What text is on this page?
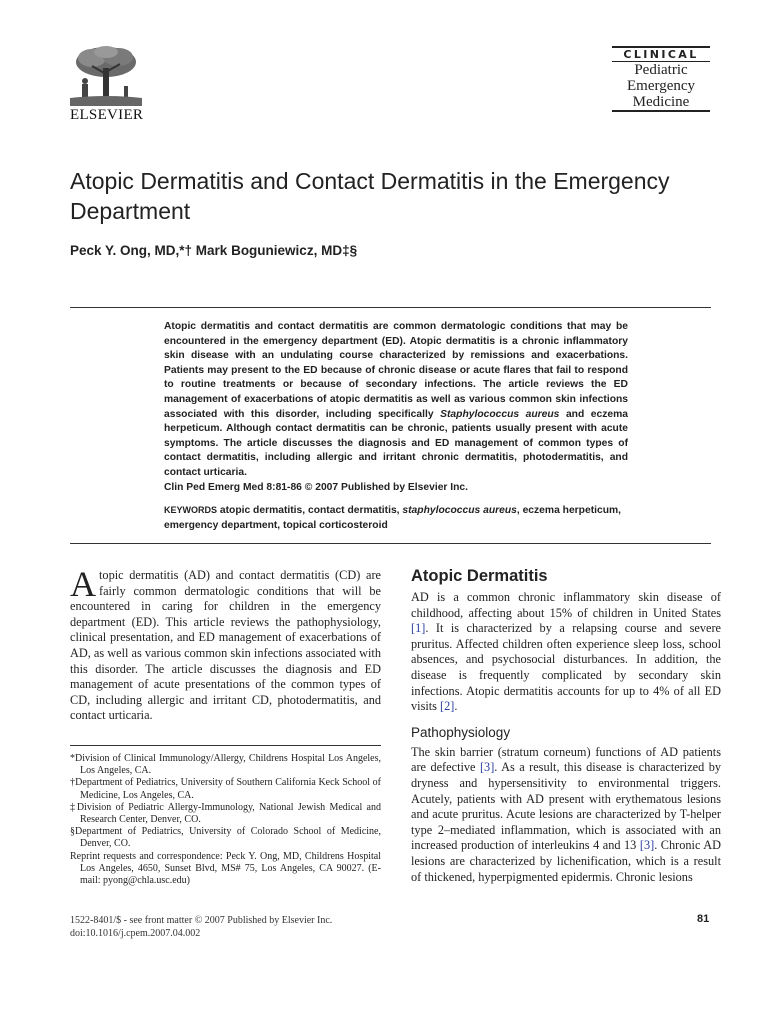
ELSEVIER
CLINICAL
Pediatric
Emergency
Medicine
Atopic Dermatitis and Contact Dermatitis in the Emergency Department
Peck Y. Ong, MD,*† Mark Boguniewicz, MD‡§

Atopic dermatitis and contact dermatitis are common dermatologic conditions that may be encountered in the emergency department (ED). Atopic dermatitis is a chronic inflammatory skin disease with an undulating course characterized by remissions and exacerbations. Patients may present to the ED because of chronic disease or acute flares that fail to respond to routine treatments or because of secondary infections. The article reviews the ED management of exacerbations of atopic dermatitis as well as various common skin infections associated with this disorder, including specifically Staphylococcus aureus and eczema herpeticum. Although contact dermatitis can be chronic, patients usually present with acute symptoms. The article discusses the diagnosis and ED management of common types of contact dermatitis, including allergic and irritant chronic dermatitis, photodermatitis, and contact urticaria.

Clin Ped Emerg Med 8:81-86 © 2007 Published by Elsevier Inc.

KEYWORDS atopic dermatitis, contact dermatitis, staphylococcus aureus, eczema herpeticum, emergency department, topical corticosteroid
A topic dermatitis (AD) and contact dermatitis (CD) are fairly common dermatologic conditions that will be encountered in caring for children in the emergency department (ED). This article reviews the pathophysiology, clinical presentation, and ED management of exacerbations of AD, as well as various common skin infections associated with this disorder. The article discusses the diagnosis and ED management of acute presentations of the common types of CD, including allergic and irritant CD, photodermatitis, and contact urticaria.

*Division of Clinical Immunology/Allergy, Childrens Hospital Los Angeles, Los Angeles, CA.

†Department of Pediatrics, University of Southern California Keck School of Medicine, Los Angeles, CA.

‡Division of Pediatric Allergy-Immunology, National Jewish Medical and Research Center, Denver, CO.

§Department of Pediatrics, University of Colorado School of Medicine, Denver, CO.

Reprint requests and correspondence: Peck Y. Ong, MD, Childrens Hospital Los Angeles, 4650, Sunset Blvd, MS# 75, Los Angeles, CA 90027. (E-mail: pyong@chla.usc.edu)

Atopic Dermatitis

AD is a common chronic inflammatory skin disease of childhood, affecting about 15% of children in United States [1]. It is characterized by a relapsing course and severe pruritus. Affected children often experience sleep loss, school absences, and psychosocial disturbances. In addition, the disease is frequently complicated by secondary skin infections. Atopic dermatitis accounts for up to 4% of all ED visits [2].

Pathophysiology

The skin barrier (stratum corneum) functions of AD patients are defective [3]. As a result, this disease is characterized by dryness and hypersensitivity to environmental triggers. Acutely, patients with AD present with erythematous lesions and acute pruritus. Acute lesions are characterized by T-helper type 2–mediated inflammation, which is associated with an increased production of interleukins 4 and 13 [3]. Chronic AD lesions are characterized by lichenification, which is a result of thickened, hyperpigmented epidermis. Chronic lesions

1522-8401/$ - see front matter © 2007 Published by Elsevier Inc.
doi:10.1016/j.cpem.2007.04.002
81
